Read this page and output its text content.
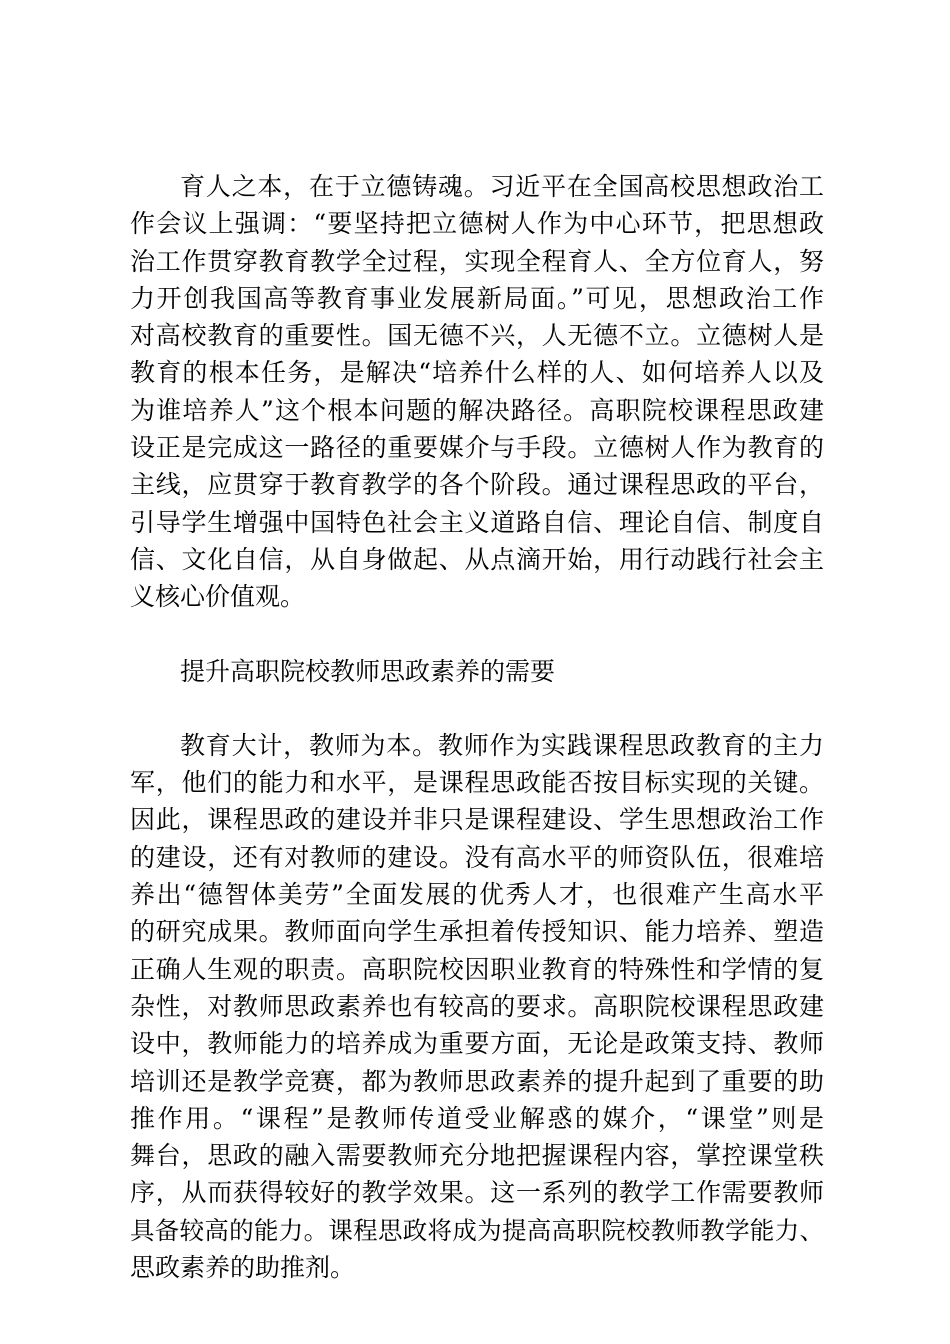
育人之本，在于立德铸魂。习近平在全国高校思想政治工
作会议上强调：“要坚持把立德树人作为中心环节，把思想政
治工作贯穿教育教学全过程，实现全程育人、全方位育人，努
力开创我国高等教育事业发展新局面。”可见，思想政治工作
对高校教育的重要性。国无德不兴，人无德不立。立德树人是
教育的根本任务，是解决“培养什么样的人、如何培养人以及
为谁培养人”这个根本问题的解决路径。高职院校课程思政建
设正是完成这一路径的重要媒介与手段。立德树人作为教育的
主线，应贯穿于教育教学的各个阶段。通过课程思政的平台，
引导学生增强中国特色社会主义道路自信、理论自信、制度自
信、文化自信，从自身做起、从点滴开始，用行动践行社会主
义核心价值观。
提升高职院校教师思政素养的需要
教育大计，教师为本。教师作为实践课程思政教育的主力
军，他们的能力和水平，是课程思政能否按目标实现的关键。
因此，课程思政的建设并非只是课程建设、学生思想政治工作
的建设，还有对教师的建设。没有高水平的师资队伍，很难培
养出“德智体美劳”全面发展的优秀人才，也很难产生高水平
的研究成果。教师面向学生承担着传授知识、能力培养、塑造
正确人生观的职责。高职院校因职业教育的特殊性和学情的复
杂性，对教师思政素养也有较高的要求。高职院校课程思政建
设中，教师能力的培养成为重要方面，无论是政策支持、教师
培训还是教学竞赛，都为教师思政素养的提升起到了重要的助
推作用。“课程”是教师传道受业解惑的媒介，“课堂”则是
舞台，思政的融入需要教师充分地把握课程内容，掌控课堂秩
序，从而获得较好的教学效果。这一系列的教学工作需要教师
具备较高的能力。课程思政将成为提高高职院校教师教学能力、
思政素养的助推剂。
